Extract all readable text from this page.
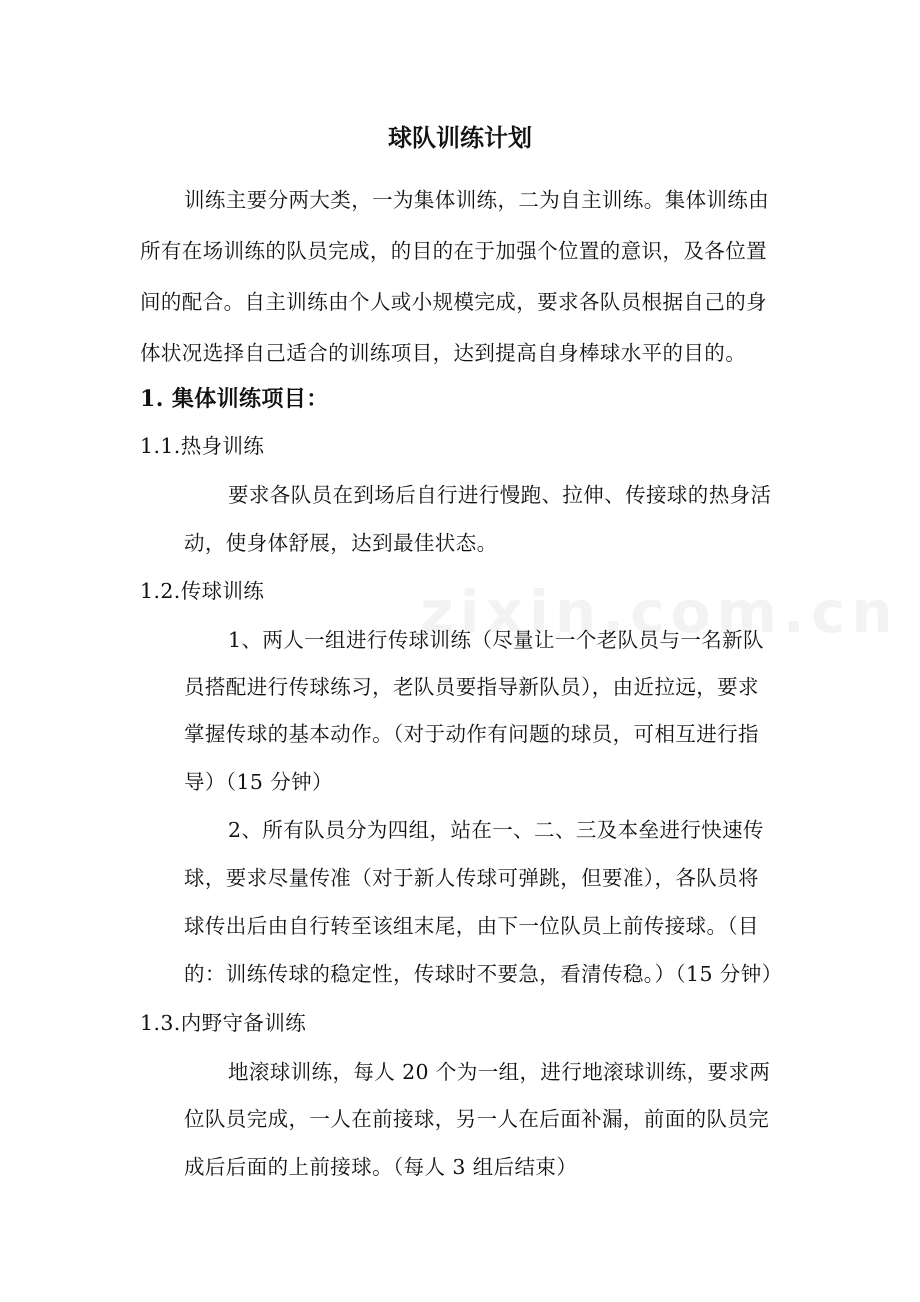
球队训练计划
训练主要分两大类，一为集体训练，二为自主训练。集体训练由
所有在场训练的队员完成，的目的在于加强个位置的意识，及各位置
间的配合。自主训练由个人或小规模完成，要求各队员根据自己的身
体状况选择自己适合的训练项目，达到提高自身棒球水平的目的。
1. 集体训练项目：
1.1.热身训练
要求各队员在到场后自行进行慢跑、拉伸、传接球的热身活
动，使身体舒展，达到最佳状态。
1.2.传球训练
1、两人一组进行传球训练（尽量让一个老队员与一名新队
员搭配进行传球练习，老队员要指导新队员），由近拉远，要求
掌握传球的基本动作。（对于动作有问题的球员，可相互进行指
导）（15 分钟）
2、所有队员分为四组，站在一、二、三及本垒进行快速传
球，要求尽量传准（对于新人传球可弹跳，但要准），各队员将
球传出后由自行转至该组末尾，由下一位队员上前传接球。（目
的：训练传球的稳定性，传球时不要急，看清传稳。）（15 分钟）
1.3.内野守备训练
地滚球训练，每人 20 个为一组，进行地滚球训练，要求两
位队员完成，一人在前接球，另一人在后面补漏，前面的队员完
成后后面的上前接球。（每人 3 组后结束）
